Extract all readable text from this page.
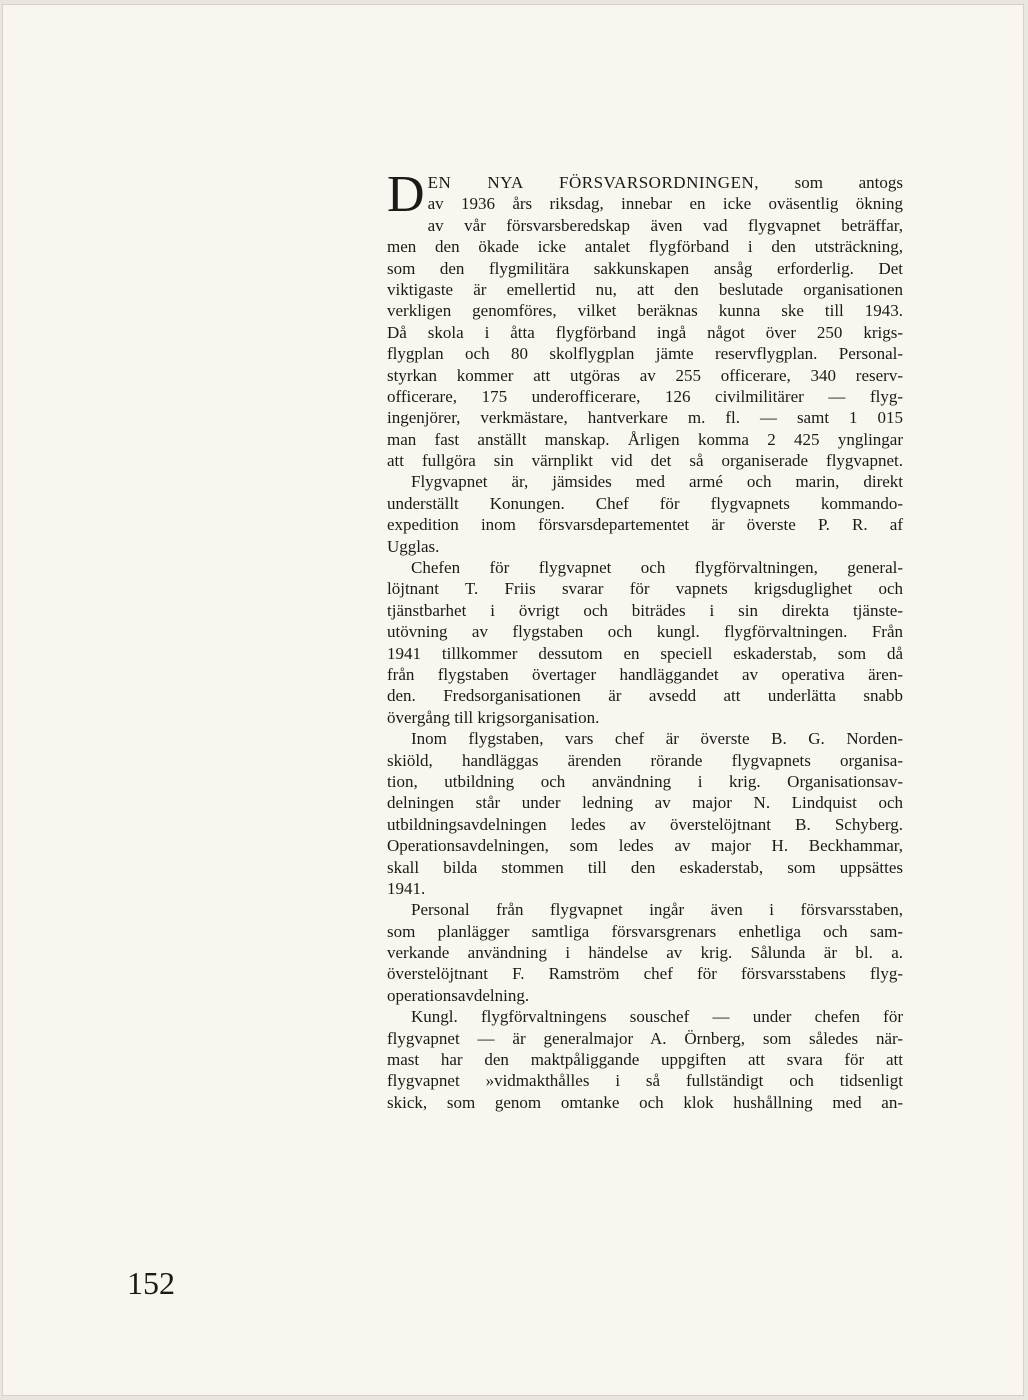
D EN NYA FÖRSVARSORDNINGEN, som antogs
av 1936 års riksdag, innebar en icke oväsentlig ökning
av vår försvarsberedskap även vad flygvapnet beträffar,
men den ökade icke antalet flygförband i den utsträckning,
som den flygmilitära sakkunskapen ansåg erforderlig. Det
viktigaste är emellertid nu, att den beslutade organisationen
verkligen genomföres, vilket beräknas kunna ske till 1943.
Då skola i åtta flygförband ingå något över 250 krigs-
flygplan och 80 skolflygplan jämte reservflygplan. Personal-
styrkan kommer att utgöras av 255 officerare, 340 reserv-
officerare, 175 underofficerare, 126 civilmilitärer — flyg-
ingenjörer, verkmästare, hantverkare m. fl. — samt 1 015
man fast anställt manskap. Årligen komma 2 425 ynglingar
att fullgöra sin värnplikt vid det så organiserade flygvapnet.
Flygvapnet är, jämsides med armé och marin, direkt
underställt Konungen. Chef för flygvapnets kommando-
expedition inom försvarsdepartementet är överste P. R. af
Ugglas.
Chefen för flygvapnet och flygförvaltningen, general-
löjtnant T. Friis svarar för vapnets krigsduglighet och
tjänstbarhet i övrigt och biträdes i sin direkta tjänste-
utövning av flygstaben och kungl. flygförvaltningen. Från
1941 tillkommer dessutom en speciell eskaderstab, som då
från flygstaben övertager handläggandet av operativa ären-
den. Fredsorganisationen är avsedd att underlätta snabb
övergång till krigsorganisation.
Inom flygstaben, vars chef är överste B. G. Norden-
skiöld, handläggas ärenden rörande flygvapnets organisa-
tion, utbildning och användning i krig. Organisationsav-
delningen står under ledning av major N. Lindquist och
utbildningsavdelningen ledes av överstelöjtnant B. Schyberg.
Operationsavdelningen, som ledes av major H. Beckhammar,
skall bilda stommen till den eskaderstab, som uppsättes
1941.
Personal från flygvapnet ingår även i försvarsstaben,
som planlägger samtliga försvarsgrenars enhetliga och sam-
verkande användning i händelse av krig. Sålunda är bl. a.
överstelöjtnant F. Ramström chef för försvarsstabens flyg-
operationsavdelning.
Kungl. flygförvaltningens souschef — under chefen för
flygvapnet — är generalmajor A. Örnberg, som således när-
mast har den maktpåliggande uppgiften att svara för att
flygvapnet »vidmakthålles i så fullständigt och tidsenligt
skick, som genom omtanke och klok hushållning med an-
152
